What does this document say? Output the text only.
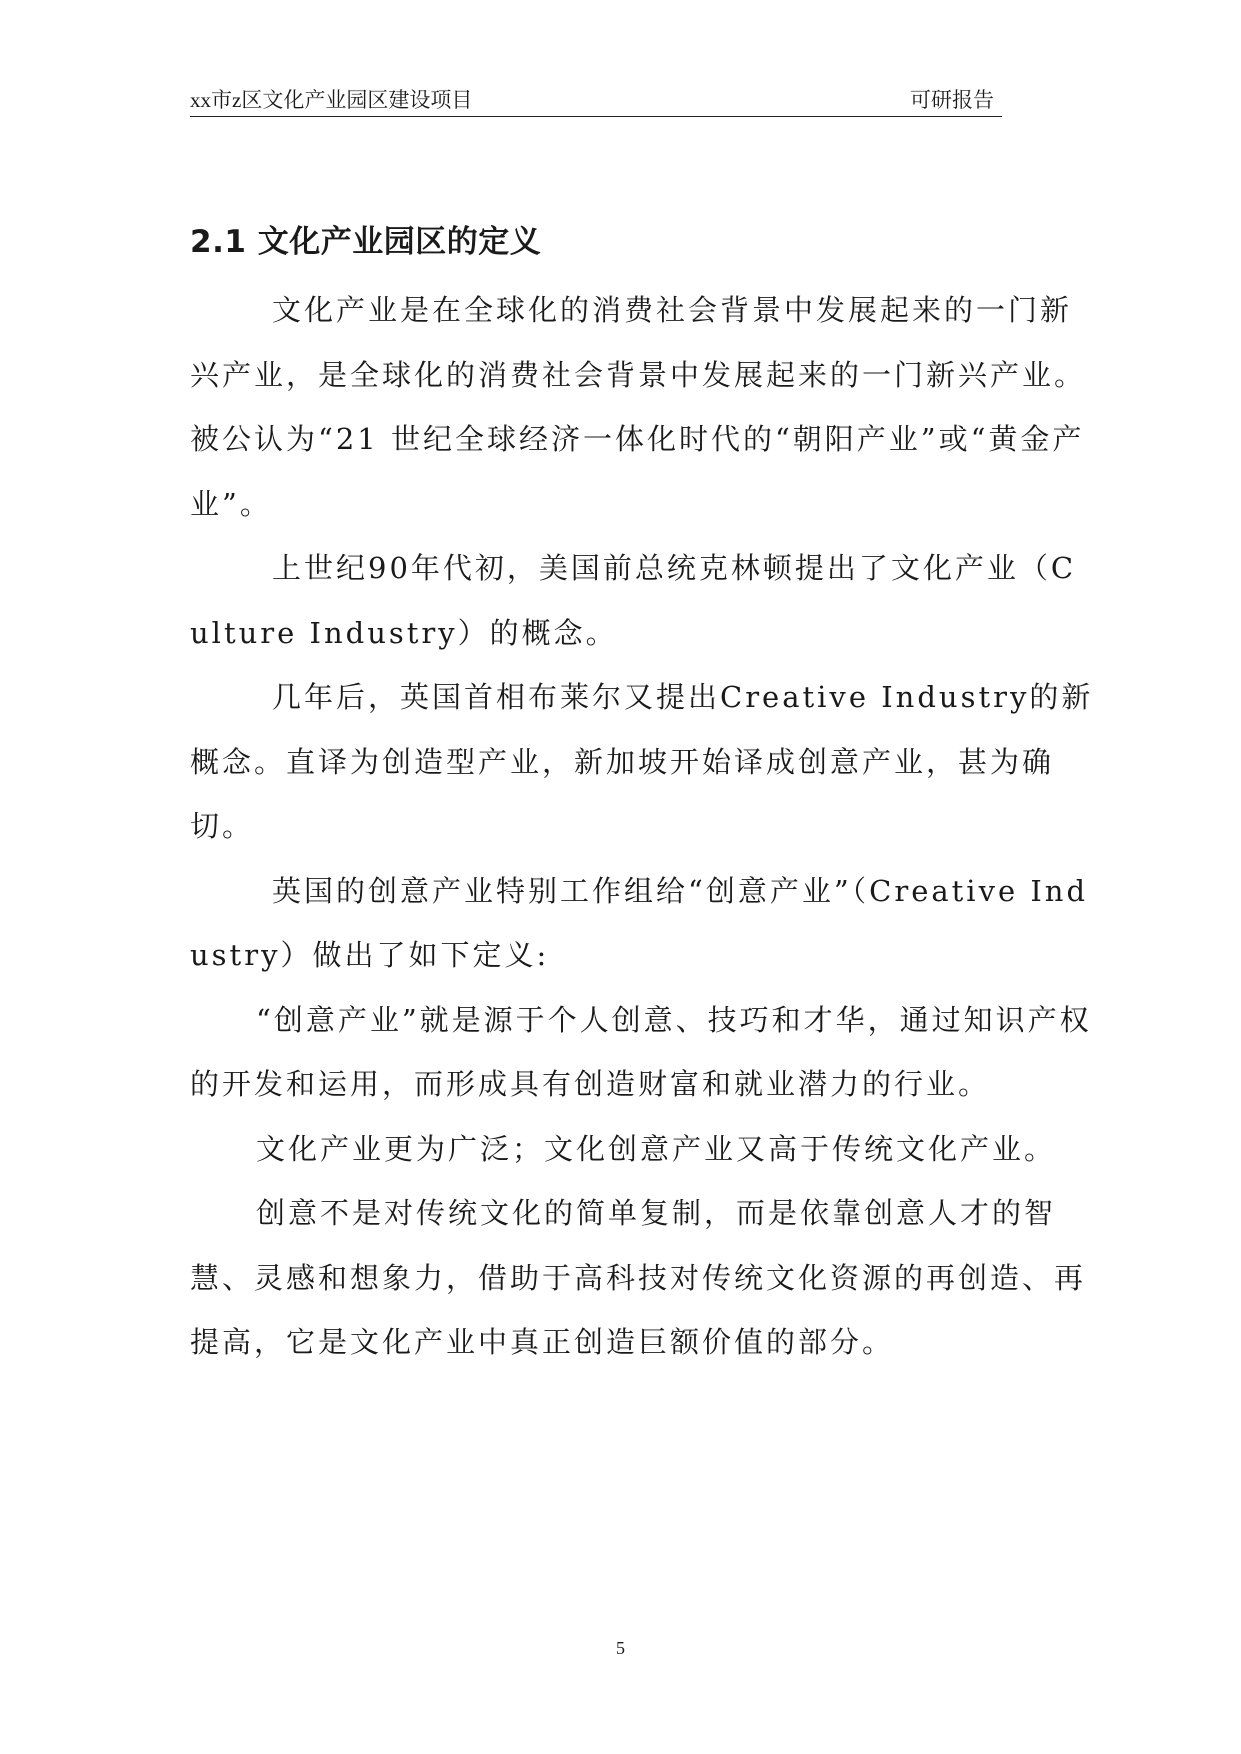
xx市z区文化产业园区建设项目	可研报告
2.1 文化产业园区的定义

文化产业是在全球化的消费社会背景中发展起来的一门新兴产业，是全球化的消费社会背景中发展起来的一门新兴产业。被公认为“21 世纪全球经济一体化时代的“朝阳产业”或“黄金产业”。

上世纪90年代初，美国前总统克林顿提出了文化产业（Culture Industry）的概念。

几年后，英国首相布莱尔又提出Creative Industry的新概念。直译为创造型产业，新加坡开始译成创意产业，甚为确切。

英国的创意产业特别工作组给“创意产业”（Creative Industry）做出了如下定义:

“创意产业”就是源于个人创意、技巧和才华，通过知识产权的开发和运用，而形成具有创造财富和就业潜力的行业。

文化产业更为广泛；文化创意产业又高于传统文化产业。

创意不是对传统文化的简单复制，而是依靠创意人才的智慧、灵感和想象力，借助于高科技对传统文化资源的再创造、再提高，它是文化产业中真正创造巨额价值的部分。

5
